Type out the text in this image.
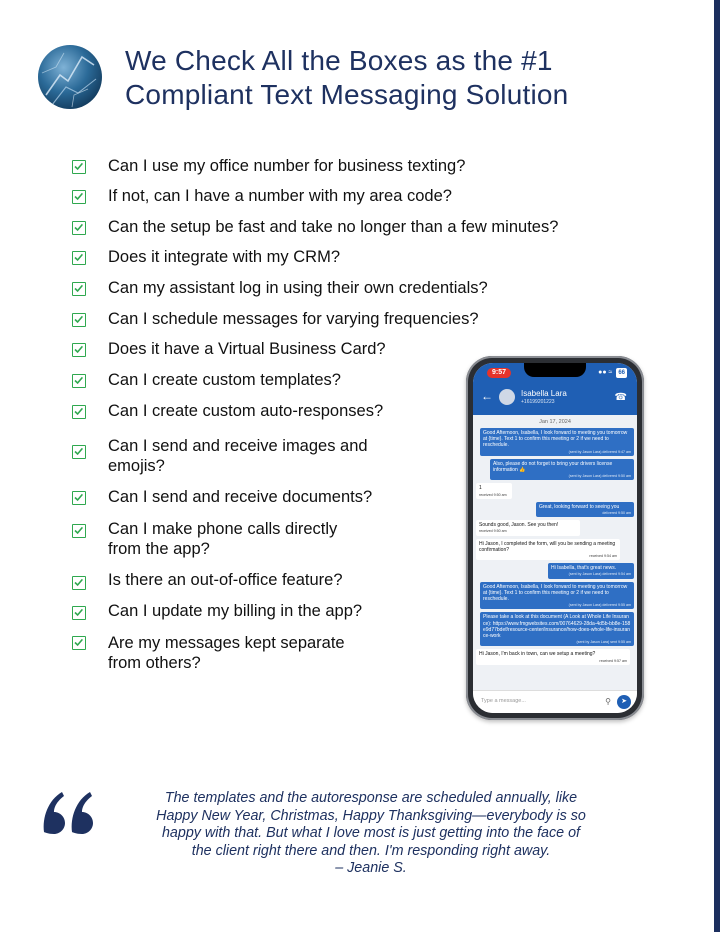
We Check All the Boxes as the #1
Compliant Text Messaging Solution
Can I use my office number for business texting?
If not, can I have a number with my area code?
Can the setup be fast and take no longer than a few minutes?
Does it integrate with my CRM?
Can my assistant log in using their own credentials?
Can I schedule messages for varying frequencies?
Does it have a Virtual Business Card?
Can I create custom templates?
Can I create custom auto-responses?
Can I send and receive images and
emojis?
Can I send and receive documents?
Can I make phone calls directly
from the app?
Is there an out-of-office feature?
Can I update my billing in the app?
Are my messages kept separate
from others?
9:57	●● ≈ 66
←	Isabella Lara
+16199201223	☎
Jan 17, 2024
Good Afternoon, Isabella, I look forward to meeting you tomorrow at {time}. Text 1 to confirm this meeting or 2 if we need to reschedule.
(sent by Jason Lara) delivered 9:47 am
Also, please do not forget to bring your drivers license information 👍
(sent by Jason Lara) delivered 9:50 am
1
received 9:50 am
Great, looking forward to seeing you
delivered 9:50 am
Sounds good, Jason. See you then!
received 9:50 am
Hi Jason, I completed the form, will you be sending a meeting confirmation?
received 9:54 am
Hi Isabella, that's great news.
(sent by Jason Lara) delivered 9:54 am
Good Afternoon, Isabella, I look forward to meeting you tomorrow at {time}. Text 1 to confirm this meeting or 2 if we need to reschedule.
(sent by Jason Lara) delivered 9:55 am
Please take a look at this document (A Look at Whole Life Insurance): https://www.fmgwebsites.com/00764629-28da-4d5b-bb8e-158e9d77bdef/resource-center/insurance/how-does-whole-life-insurance-work
(sent by Jason Lara) sent 9:55 am
Hi Jason, I'm back in town, can we setup a meeting?
received 9:57 am
Type a message...	⚲	➤
The templates and the autoresponse are scheduled annually, like
Happy New Year, Christmas, Happy Thanksgiving—everybody is so
happy with that. But what I love most is just getting into the face of
the client right there and then. I'm responding right away.
– Jeanie S.
